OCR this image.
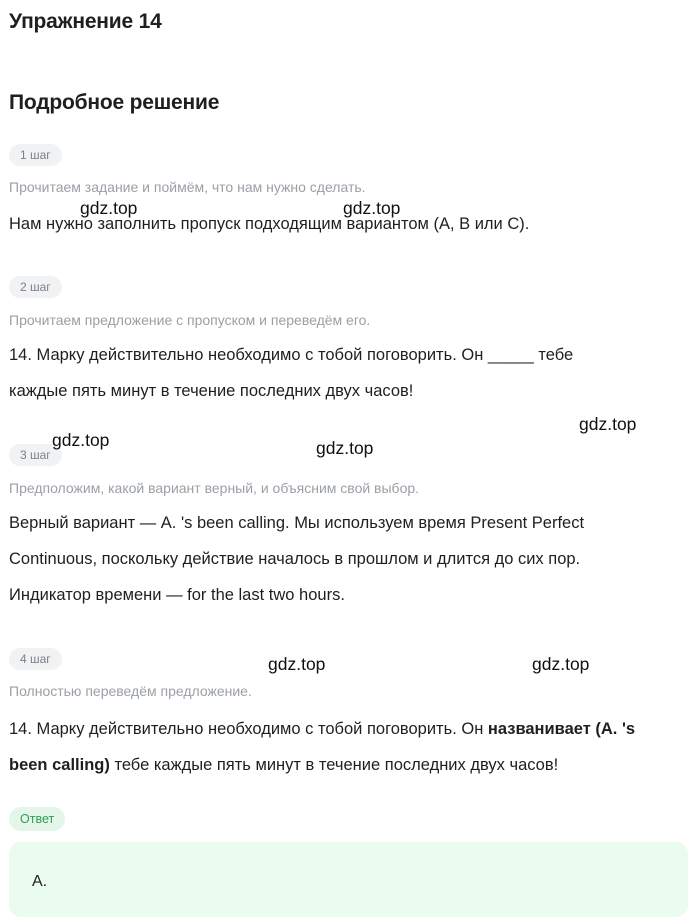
Упражнение 14
Подробное решение
1 шаг
Прочитаем задание и поймём, что нам нужно сделать.
Нам нужно заполнить пропуск подходящим вариантом (A, B или C).
2 шаг
Прочитаем предложение с пропуском и переведём его.
14. Марку действительно необходимо с тобой поговорить. Он _____ тебе
каждые пять минут в течение последних двух часов!
3 шаг
Предположим, какой вариант верный, и объясним свой выбор.
Верный вариант — A. 's been calling. Мы используем время Present Perfect
Continuous, поскольку действие началось в прошлом и длится до сих пор.
Индикатор времени — for the last two hours.
4 шаг
Полностью переведём предложение.
14. Марку действительно необходимо с тобой поговорить. Он названивает (A. 's
been calling) тебе каждые пять минут в течение последних двух часов!
Ответ
A.
gdz.top	gdz.top
gdz.top	gdz.top
gdz.top
gdz.top	gdz.top
